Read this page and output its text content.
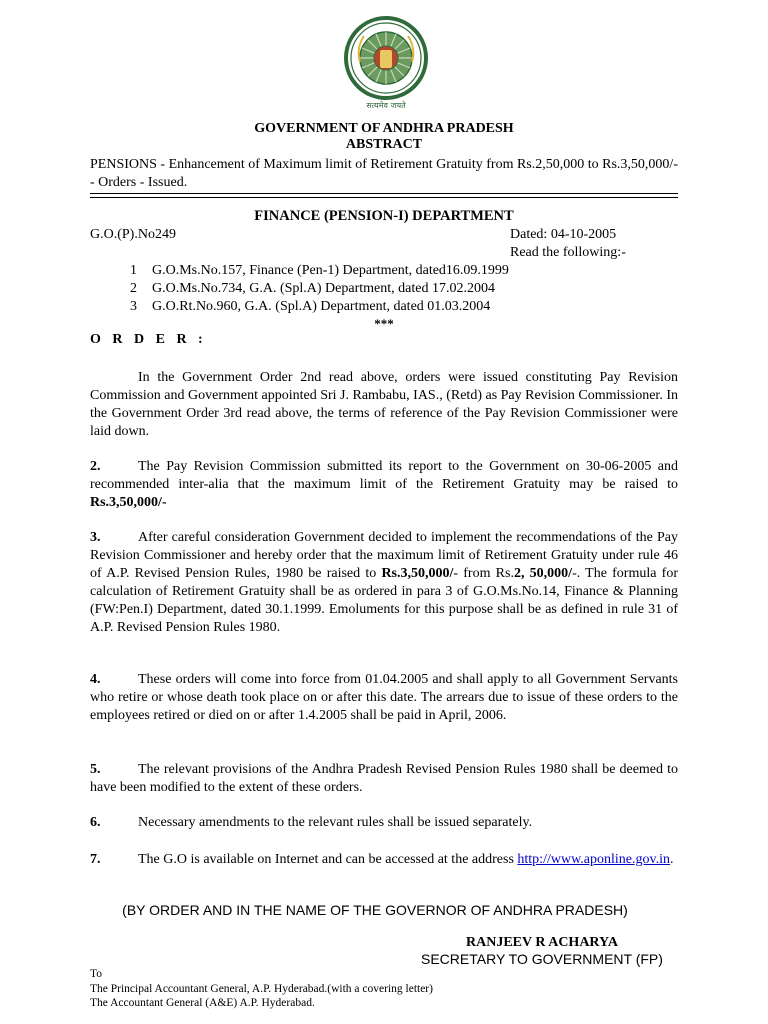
सत्यमेव जयते
GOVERNMENT OF ANDHRA PRADESH
ABSTRACT
PENSIONS - Enhancement of Maximum limit of Retirement Gratuity from Rs.2,50,000 to Rs.3,50,000/- - Orders - Issued.
FINANCE (PENSION-I) DEPARTMENT
G.O.(P).No249	Dated: 04-10-2005
Read the following:-
1	G.O.Ms.No.157, Finance (Pen-1) Department, dated16.09.1999
2	G.O.Ms.No.734, G.A. (Spl.A) Department, dated 17.02.2004
3	G.O.Rt.No.960, G.A. (Spl.A) Department, dated 01.03.2004
***
O R D E R :
In the Government Order 2nd read above, orders were issued constituting Pay Revision Commission and Government appointed Sri J. Rambabu, IAS., (Retd) as Pay Revision Commissioner. In the Government Order 3rd read above, the terms of reference of the Pay Revision Commissioner were laid down.
2.	The Pay Revision Commission submitted its report to the Government on 30-06-2005 and recommended inter-alia that the maximum limit of the Retirement Gratuity may be raised to Rs.3,50,000/-
3.	After careful consideration Government decided to implement the recommendations of the Pay Revision Commissioner and hereby order that the maximum limit of Retirement Gratuity under rule 46 of A.P. Revised Pension Rules, 1980 be raised to Rs.3,50,000/- from Rs.2, 50,000/-. The formula for calculation of Retirement Gratuity shall be as ordered in para 3 of G.O.Ms.No.14, Finance & Planning (FW:Pen.I) Department, dated 30.1.1999. Emoluments for this purpose shall be as defined in rule 31 of A.P. Revised Pension Rules 1980.
4.	These orders will come into force from 01.04.2005 and shall apply to all Government Servants who retire or whose death took place on or after this date. The arrears due to issue of these orders to the employees retired or died on or after 1.4.2005 shall be paid in April, 2006.
5.	The relevant provisions of the Andhra Pradesh Revised Pension Rules 1980 shall be deemed to have been modified to the extent of these orders.
6.	Necessary amendments to the relevant rules shall be issued separately.
7.	The G.O is available on Internet and can be accessed at the address http://www.aponline.gov.in.
(BY ORDER AND IN THE NAME OF THE GOVERNOR OF ANDHRA PRADESH)
RANJEEV R ACHARYA
SECRETARY TO GOVERNMENT (FP)
To
The Principal Accountant General, A.P. Hyderabad.(with a covering letter)
The Accountant General (A&E) A.P. Hyderabad.
